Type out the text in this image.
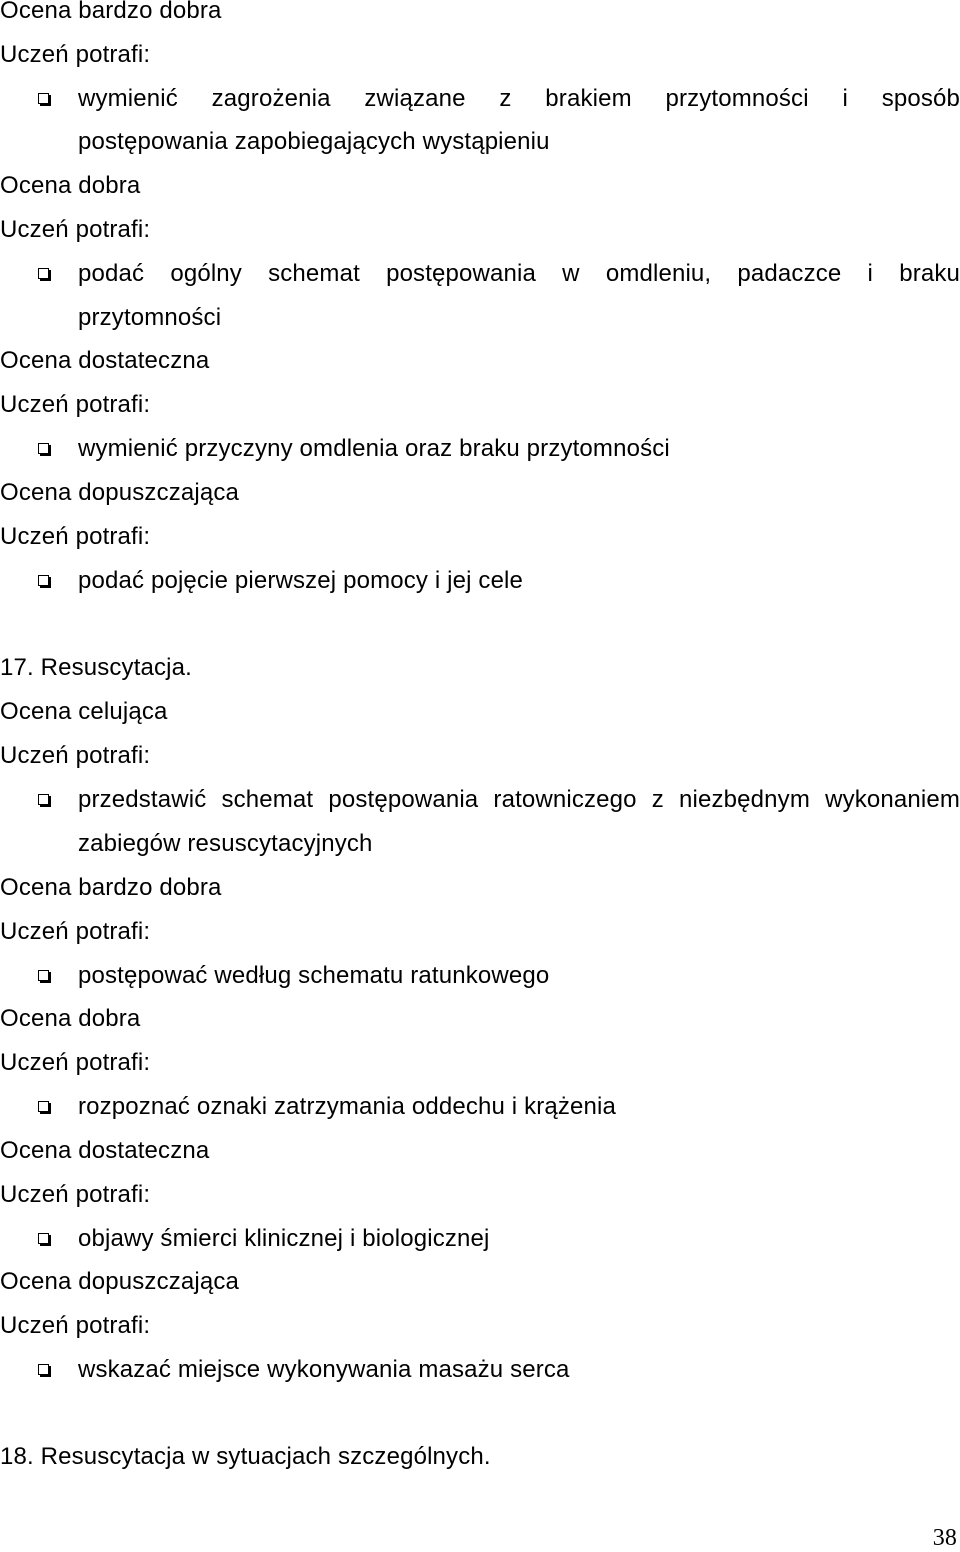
Ocena bardzo dobra
Uczeń potrafi:
wymienić zagrożenia związane z brakiem przytomności i sposób
postępowania zapobiegających wystąpieniu
Ocena dobra
Uczeń potrafi:
podać ogólny schemat postępowania w omdleniu, padaczce i braku
przytomności
Ocena dostateczna
Uczeń potrafi:
wymienić przyczyny omdlenia oraz braku przytomności
Ocena dopuszczająca
Uczeń potrafi:
podać pojęcie pierwszej pomocy i jej cele
17. Resuscytacja.
Ocena celująca
Uczeń potrafi:
przedstawić schemat postępowania ratowniczego z niezbędnym wykonaniem
zabiegów resuscytacyjnych
Ocena bardzo dobra
Uczeń potrafi:
postępować według schematu ratunkowego
Ocena dobra
Uczeń potrafi:
rozpoznać oznaki zatrzymania oddechu i krążenia
Ocena dostateczna
Uczeń potrafi:
objawy śmierci klinicznej i biologicznej
Ocena dopuszczająca
Uczeń potrafi:
wskazać miejsce wykonywania masażu serca
18. Resuscytacja w sytuacjach szczególnych.
38
